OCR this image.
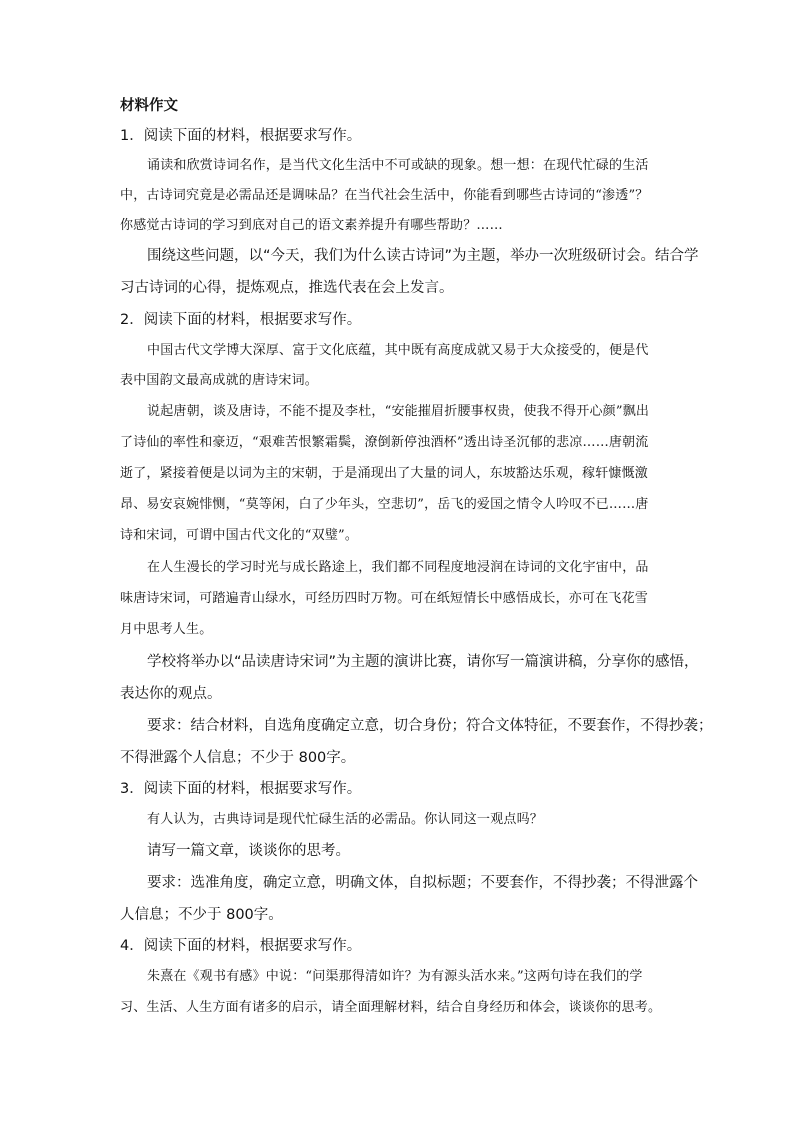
材料作文
1．阅读下面的材料，根据要求写作。
诵读和欣赏诗词名作，是当代文化生活中不可或缺的现象。想一想：在现代忙碌的生活
中，古诗词究竟是必需品还是调味品？在当代社会生活中，你能看到哪些古诗词的“渗透”？
你感觉古诗词的学习到底对自己的语文素养提升有哪些帮助？……
围绕这些问题，以“今天，我们为什么读古诗词”为主题，举办一次班级研讨会。结合学
习古诗词的心得，提炼观点，推选代表在会上发言。
2．阅读下面的材料，根据要求写作。
中国古代文学博大深厚、富于文化底蕴，其中既有高度成就又易于大众接受的，便是代
表中国韵文最高成就的唐诗宋词。
说起唐朝，谈及唐诗，不能不提及李杜，“安能摧眉折腰事权贵，使我不得开心颜”飘出
了诗仙的率性和豪迈，“艰难苦恨繁霜鬓，潦倒新停浊酒杯”透出诗圣沉郁的悲凉……唐朝流
逝了，紧接着便是以词为主的宋朝，于是涌现出了大量的词人，东坡豁达乐观，稼轩慷慨激
昂、易安哀婉悱恻，“莫等闲，白了少年头，空悲切”，岳飞的爱国之情令人吟叹不已……唐
诗和宋词，可谓中国古代文化的“双璧”。
在人生漫长的学习时光与成长路途上，我们都不同程度地浸润在诗词的文化宇宙中，品
味唐诗宋词，可踏遍青山绿水，可经历四时万物。可在纸短情长中感悟成长，亦可在飞花雪
月中思考人生。
学校将举办以“品读唐诗宋词”为主题的演讲比赛，请你写一篇演讲稿，分享你的感悟，
表达你的观点。
要求：结合材料，自选角度确定立意，切合身份；符合文体特征，不要套作，不得抄袭；
不得泄露个人信息；不少于 800字。
3．阅读下面的材料，根据要求写作。
有人认为，古典诗词是现代忙碌生活的必需品。你认同这一观点吗？
请写一篇文章，谈谈你的思考。
要求：选准角度，确定立意，明确文体，自拟标题；不要套作，不得抄袭；不得泄露个
人信息；不少于 800字。
4．阅读下面的材料，根据要求写作。
朱熹在《观书有感》中说：“问渠那得清如许？为有源头活水来。”这两句诗在我们的学
习、生活、人生方面有诸多的启示，请全面理解材料，结合自身经历和体会，谈谈你的思考。
